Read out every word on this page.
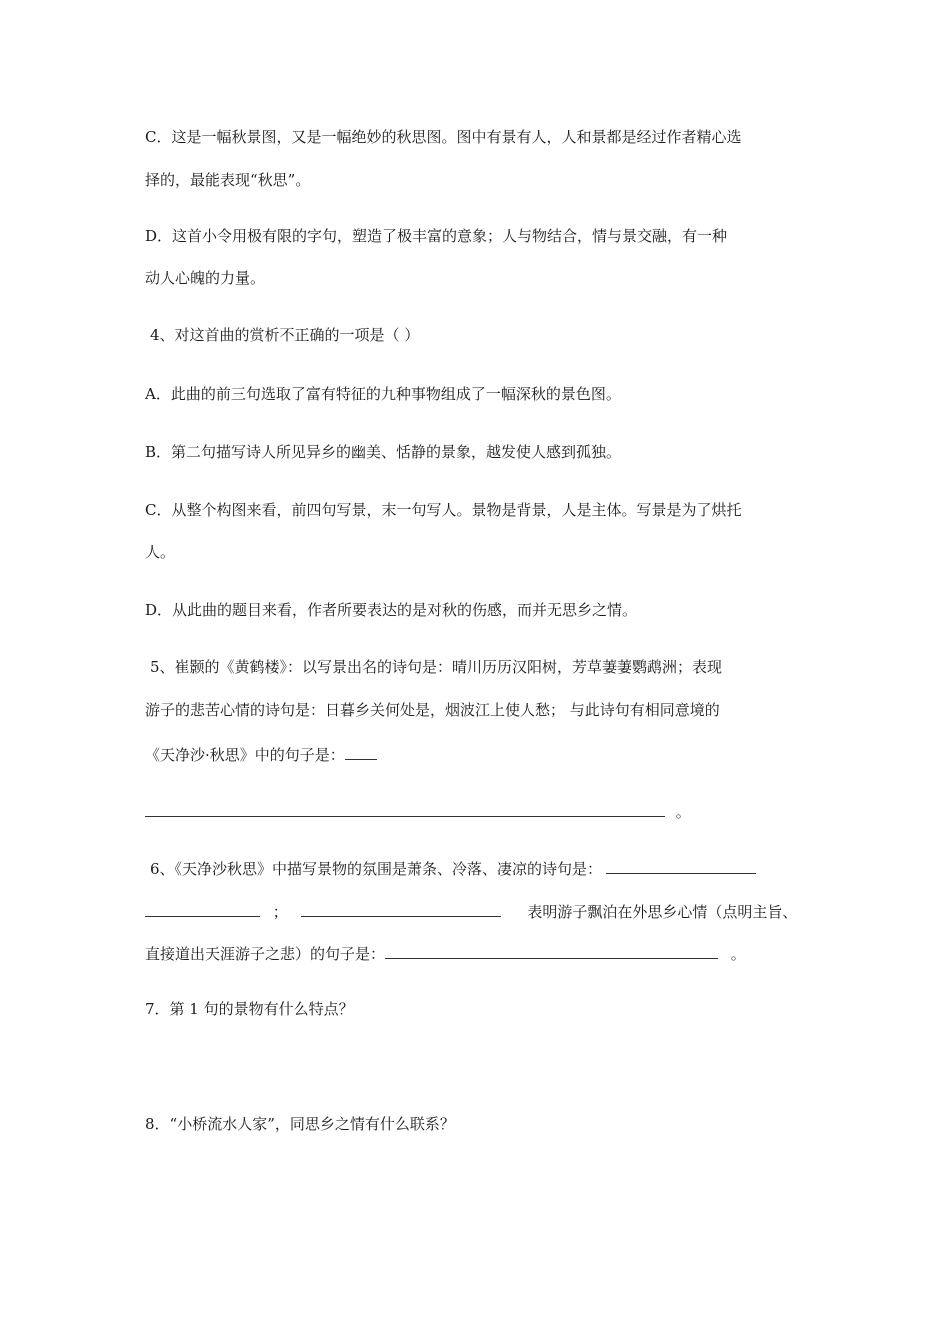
C．这是一幅秋景图，又是一幅绝妙的秋思图。图中有景有人，人和景都是经过作者精心选
择的，最能表现“秋思”。
D．这首小令用极有限的字句，塑造了极丰富的意象；人与物结合，情与景交融，有一种
动人心魄的力量。
4、对这首曲的赏析不正确的一项是（ ）
A．此曲的前三句选取了富有特征的九种事物组成了一幅深秋的景色图。
B．第二句描写诗人所见异乡的幽美、恬静的景象，越发使人感到孤独。
C．从整个构图来看，前四句写景，末一句写人。景物是背景，人是主体。写景是为了烘托
人。
D．从此曲的题目来看，作者所要表达的是对秋的伤感，而并无思乡之情。
5、崔颢的《黄鹤楼》：以写景出名的诗句是：晴川历历汉阳树，芳草萋萋鹦鹉洲；表现
游子的悲苦心情的诗句是：日暮乡关何处是，烟波江上使人愁； 与此诗句有相同意境的
《天净沙·秋思》中的句子是：
。
6、《天净沙秋思》中描写景物的氛围是萧条、冷落、凄凉的诗句是：
；	表明游子飘泊在外思乡心情（点明主旨、
直接道出天涯游子之悲）的句子是：	。
7．第 1 句的景物有什么特点？
8．“小桥流水人家”，同思乡之情有什么联系？
